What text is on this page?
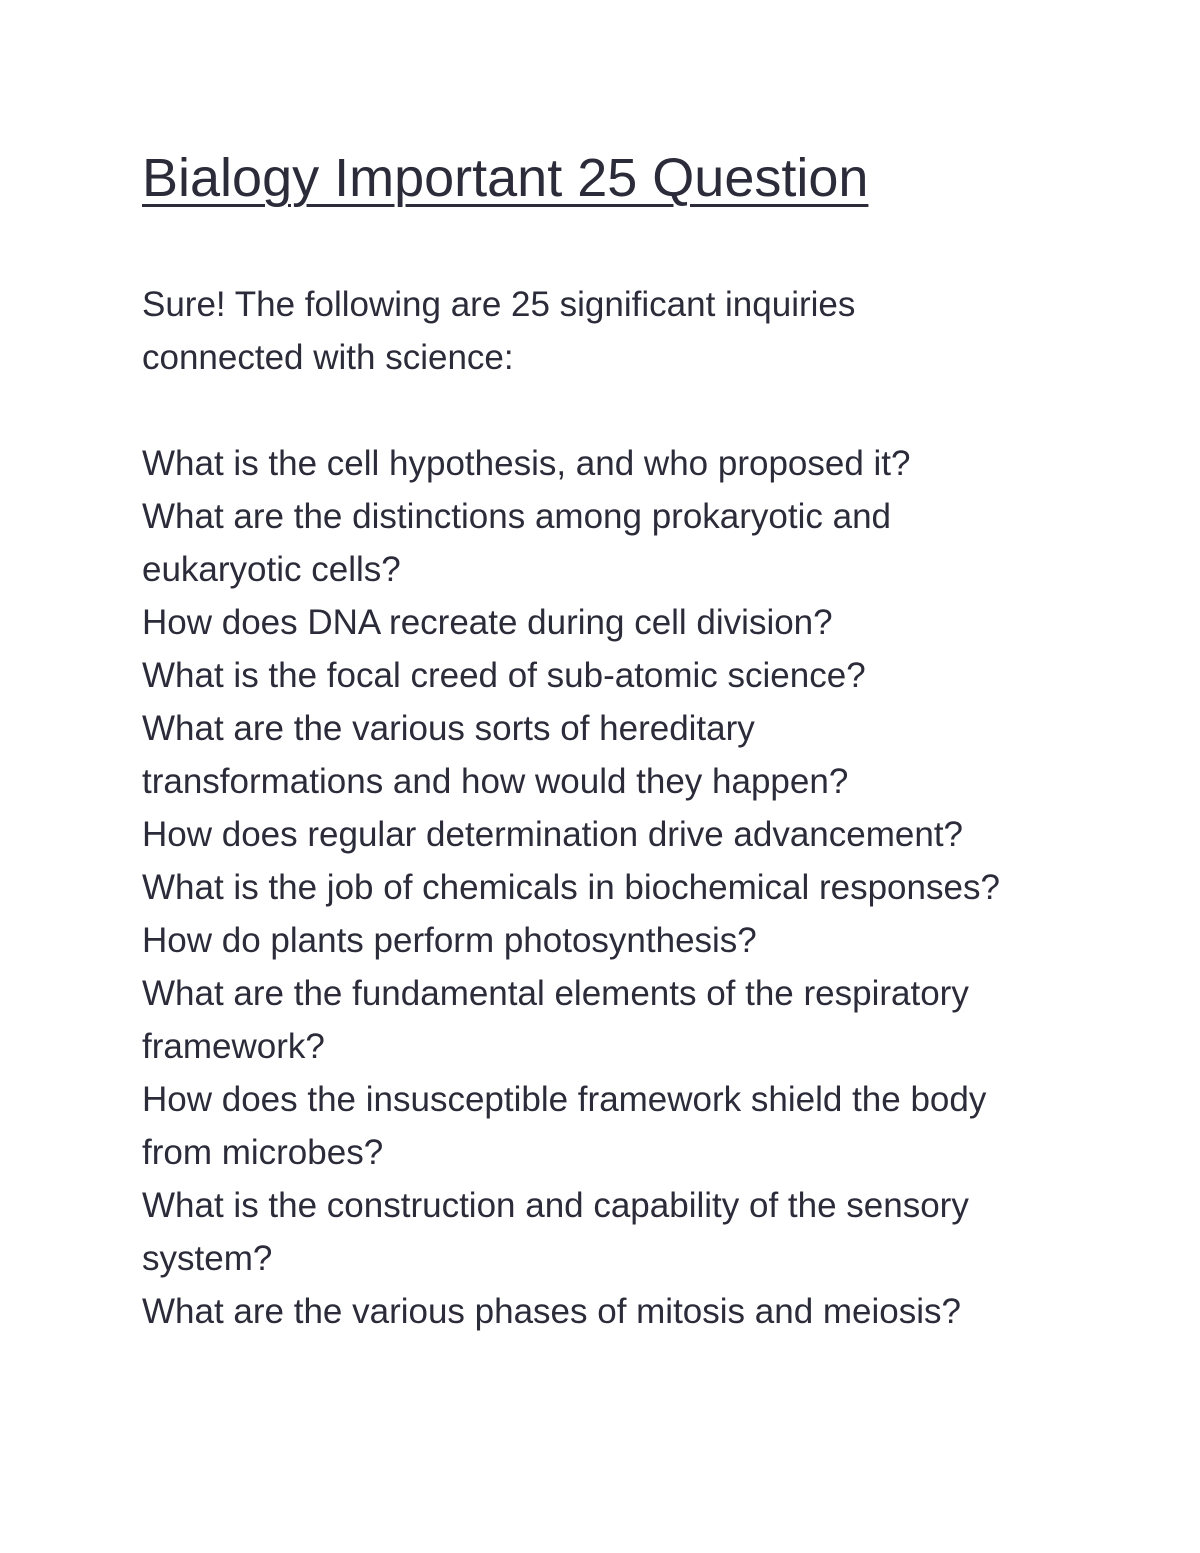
Bialogy Important 25 Question

Sure! The following are 25 significant inquiries connected with science:

What is the cell hypothesis, and who proposed it?
What are the distinctions among prokaryotic and eukaryotic cells?
How does DNA recreate during cell division?
What is the focal creed of sub-atomic science?
What are the various sorts of hereditary transformations and how would they happen?
How does regular determination drive advancement?
What is the job of chemicals in biochemical responses?
How do plants perform photosynthesis?
What are the fundamental elements of the respiratory framework?
How does the insusceptible framework shield the body from microbes?
What is the construction and capability of the sensory system?
What are the various phases of mitosis and meiosis?
